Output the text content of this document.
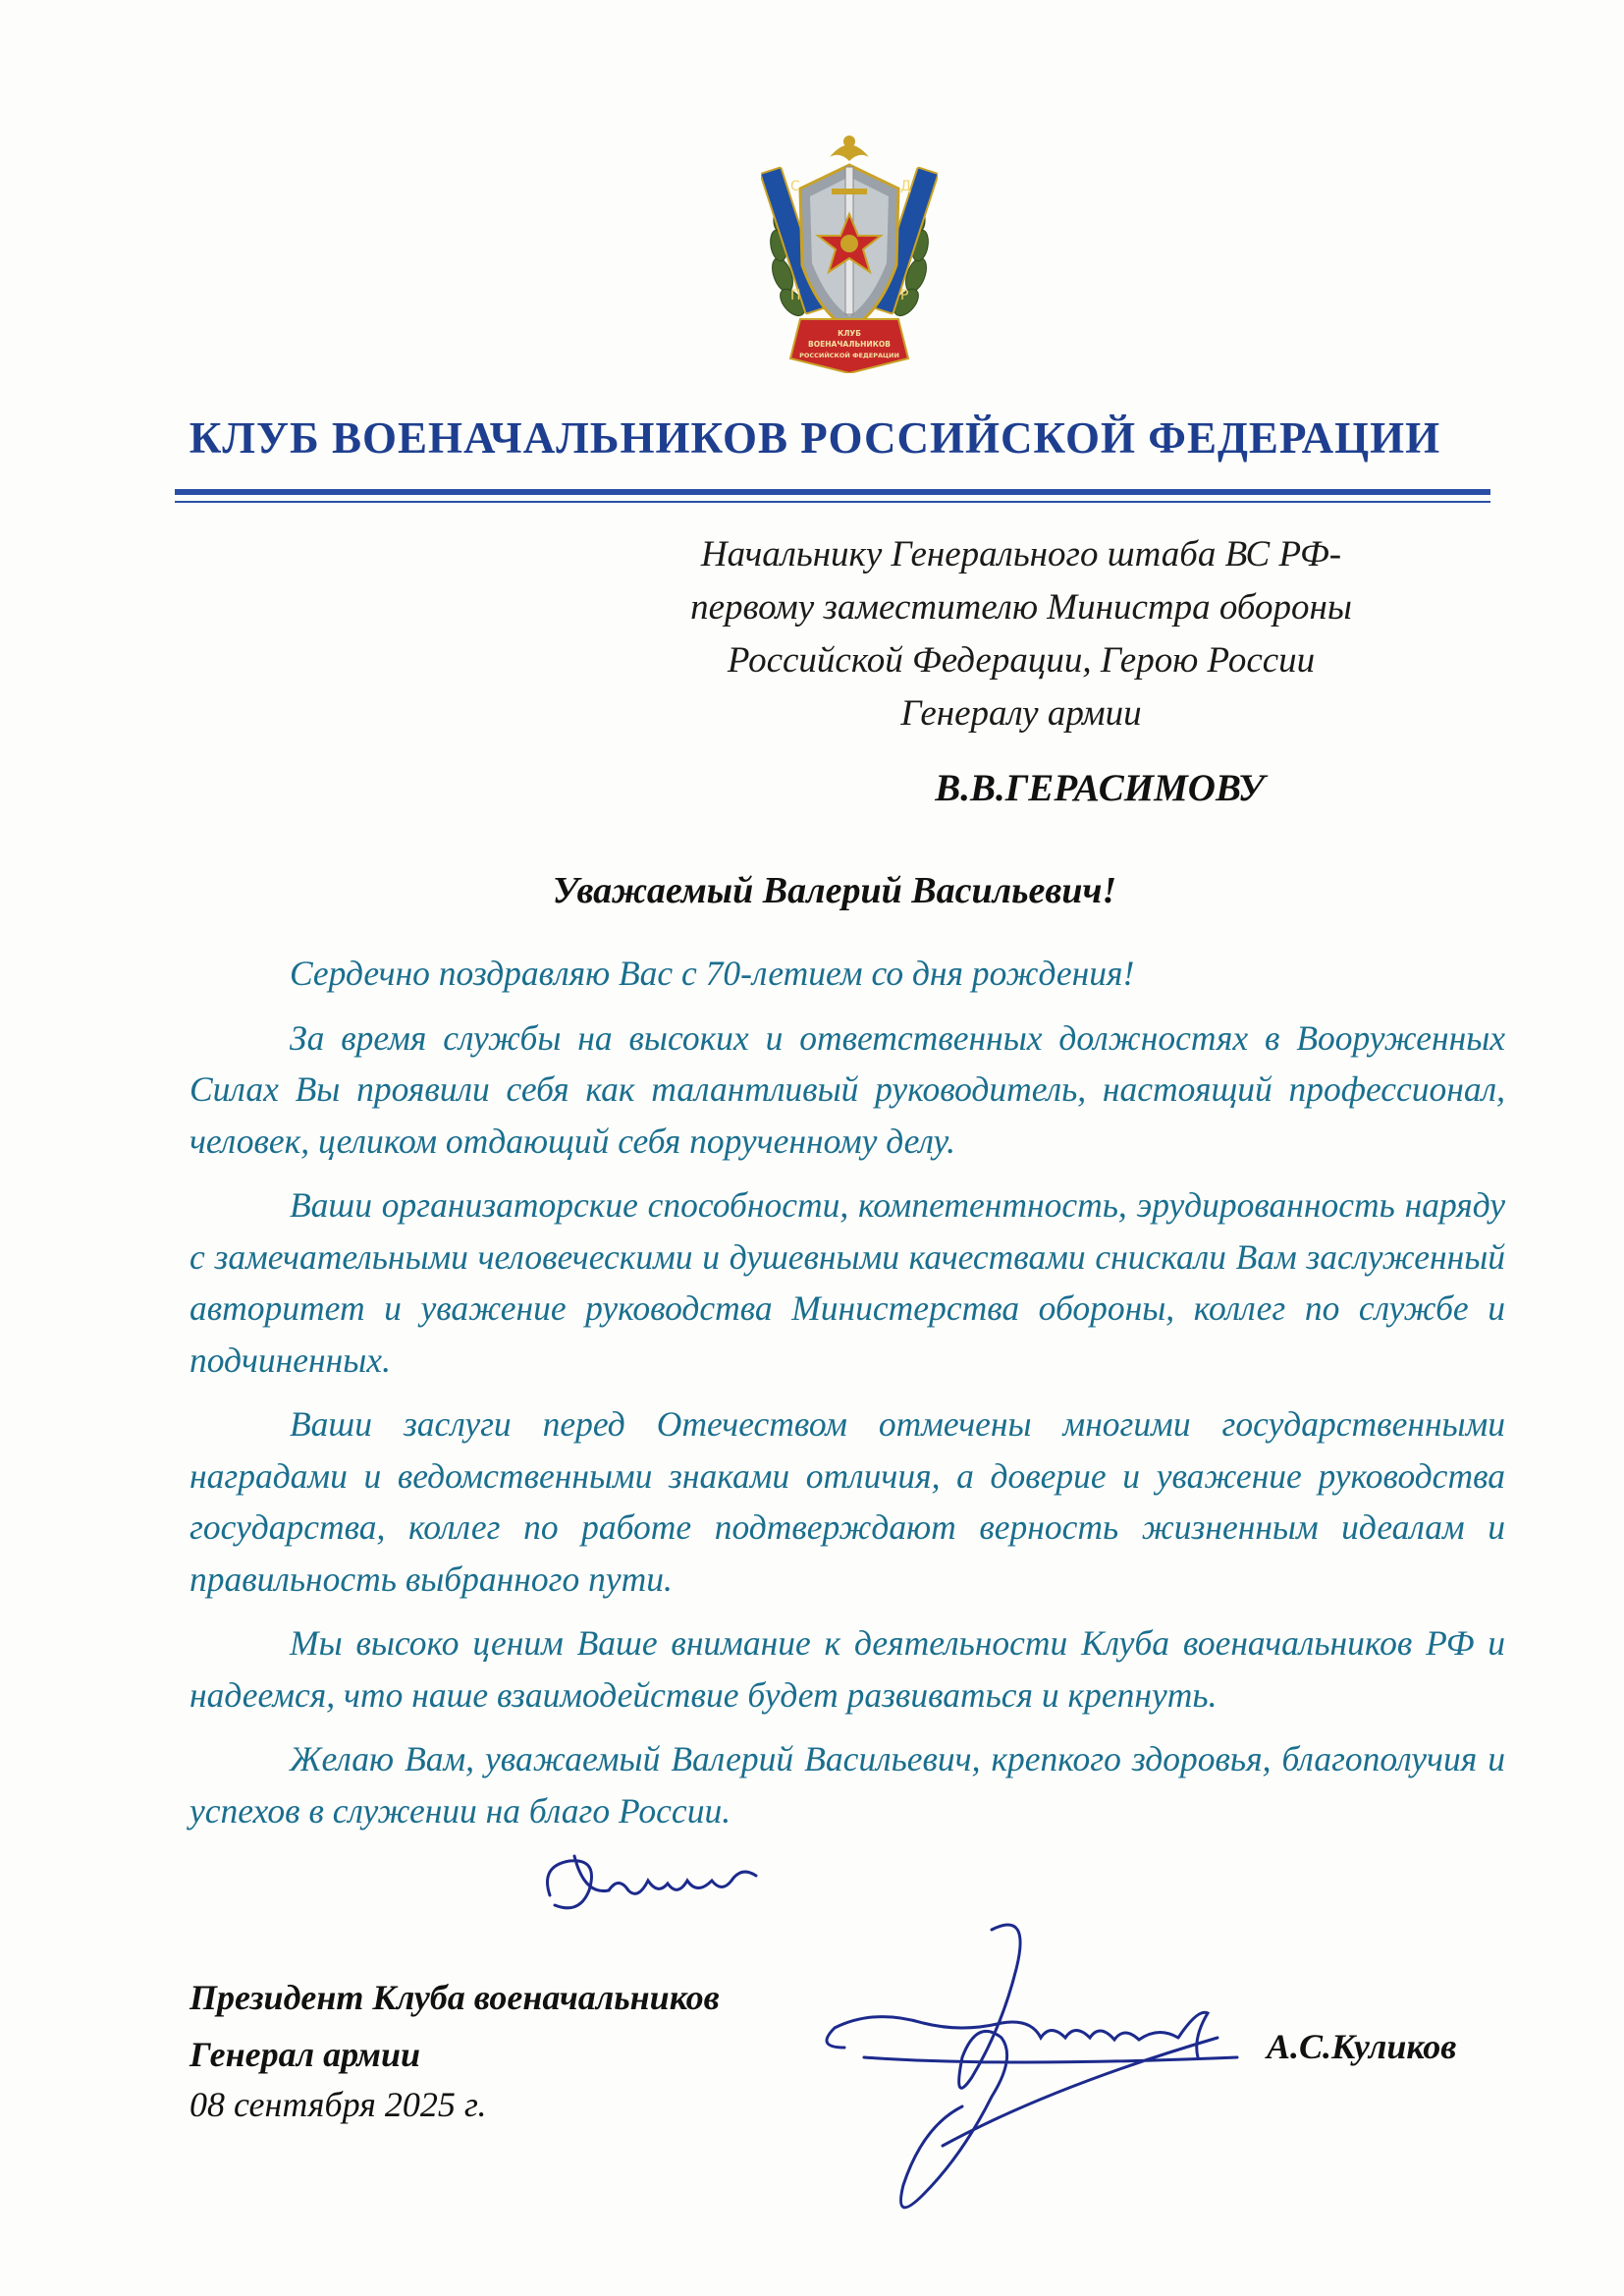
С	Д
П	Р
КЛУБ
ВОЕНАЧАЛЬНИКОВ
РОССИЙСКОЙ ФЕДЕРАЦИИ
КЛУБ ВОЕНАЧАЛЬНИКОВ РОССИЙСКОЙ ФЕДЕРАЦИИ
Начальнику Генерального штаба ВС РФ-
первому заместителю Министра обороны
Российской Федерации, Герою России
Генералу армии
В.В.ГЕРАСИМОВУ
Уважаемый Валерий Васильевич!

Сердечно поздравляю Вас с 70-летием со дня рождения!

За время службы на высоких и ответственных должностях в Вооруженных Силах Вы проявили себя как талантливый руководитель, настоящий профессионал, человек, целиком отдающий себя порученному делу.

Ваши организаторские способности, компетентность, эрудированность наряду с замечательными человеческими и душевными качествами снискали Вам заслуженный авторитет и уважение руководства Министерства обороны, коллег по службе и подчиненных.

Ваши заслуги перед Отечеством отмечены многими государственными наградами и ведомственными знаками отличия, а доверие и уважение руководства государства, коллег по работе подтверждают верность жизненным идеалам и правильность выбранного пути.

Мы высоко ценим Ваше внимание к деятельности Клуба военачальников РФ и надеемся, что наше взаимодействие будет развиваться и крепнуть.

Желаю Вам, уважаемый Валерий Васильевич, крепкого здоровья, благополучия и успехов в служении на благо России.

Президент Клуба военачальников
Генерал армии
08 сентября 2025 г.
А.С.Куликов
